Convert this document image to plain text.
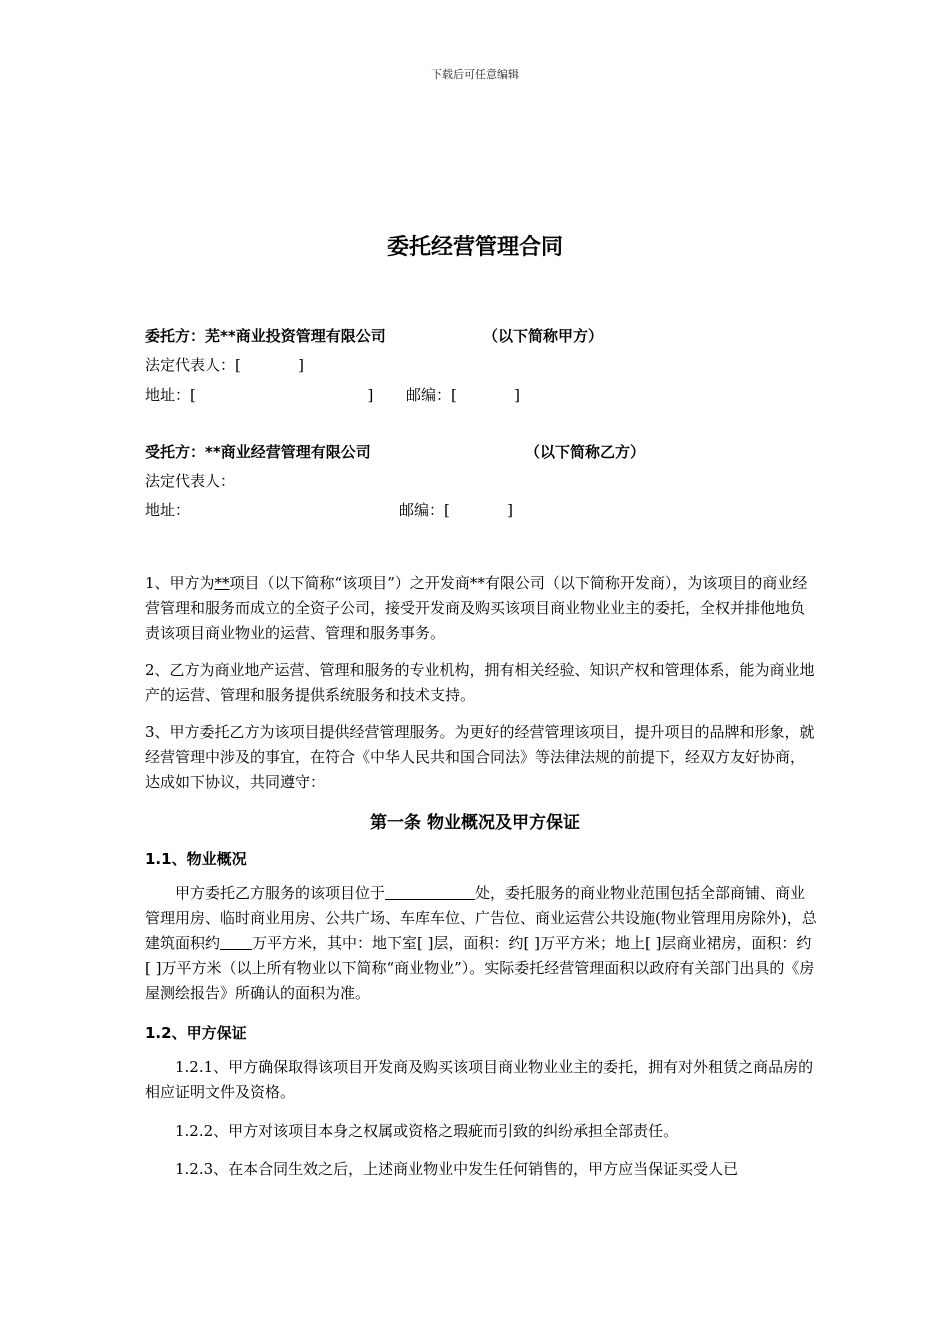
下载后可任意编辑
委托经营管理合同
委托方：芜**商业投资管理有限公司	（以下简称甲方）
法定代表人：[            ]
地址：[                                    ] 邮编：[            ]
受托方：**商业经营管理有限公司	（以下简称乙方）
法定代表人：
地址：	邮编：[            ]
1、甲方为**项目（以下简称“该项目”）之开发商**有限公司（以下简称开发商），为该项目的商业经营管理和服务而成立的全资子公司，接受开发商及购买该项目商业物业业主的委托，全权并排他地负责该项目商业物业的运营、管理和服务事务。
2、乙方为商业地产运营、管理和服务的专业机构，拥有相关经验、知识产权和管理体系，能为商业地产的运营、管理和服务提供系统服务和技术支持。
3、甲方委托乙方为该项目提供经营管理服务。为更好的经营管理该项目，提升项目的品牌和形象，就经营管理中涉及的事宜，在符合《中华人民共和国合同法》等法律法规的前提下，经双方友好协商，达成如下协议，共同遵守：
第一条 物业概况及甲方保证
1.1、物业概况
甲方委托乙方服务的该项目位于	处，委托服务的商业物业范围包括全部商铺、商业管理用房、临时商业用房、公共广场、车库车位、广告位、商业运营公共设施(物业管理用房除外)，总建筑面积约 万平方米，其中：地下室[ ]层，面积：约[ ]万平方米；地上[ ]层商业裙房，面积：约[ ]万平方米（以上所有物业以下简称“商业物业”）。实际委托经营管理面积以政府有关部门出具的《房屋测绘报告》所确认的面积为准。
1.2、甲方保证
1.2.1、甲方确保取得该项目开发商及购买该项目商业物业业主的委托，拥有对外租赁之商品房的相应证明文件及资格。
1.2.2、甲方对该项目本身之权属或资格之瑕疵而引致的纠纷承担全部责任。
1.2.3、在本合同生效之后，上述商业物业中发生任何销售的，甲方应当保证买受人已
